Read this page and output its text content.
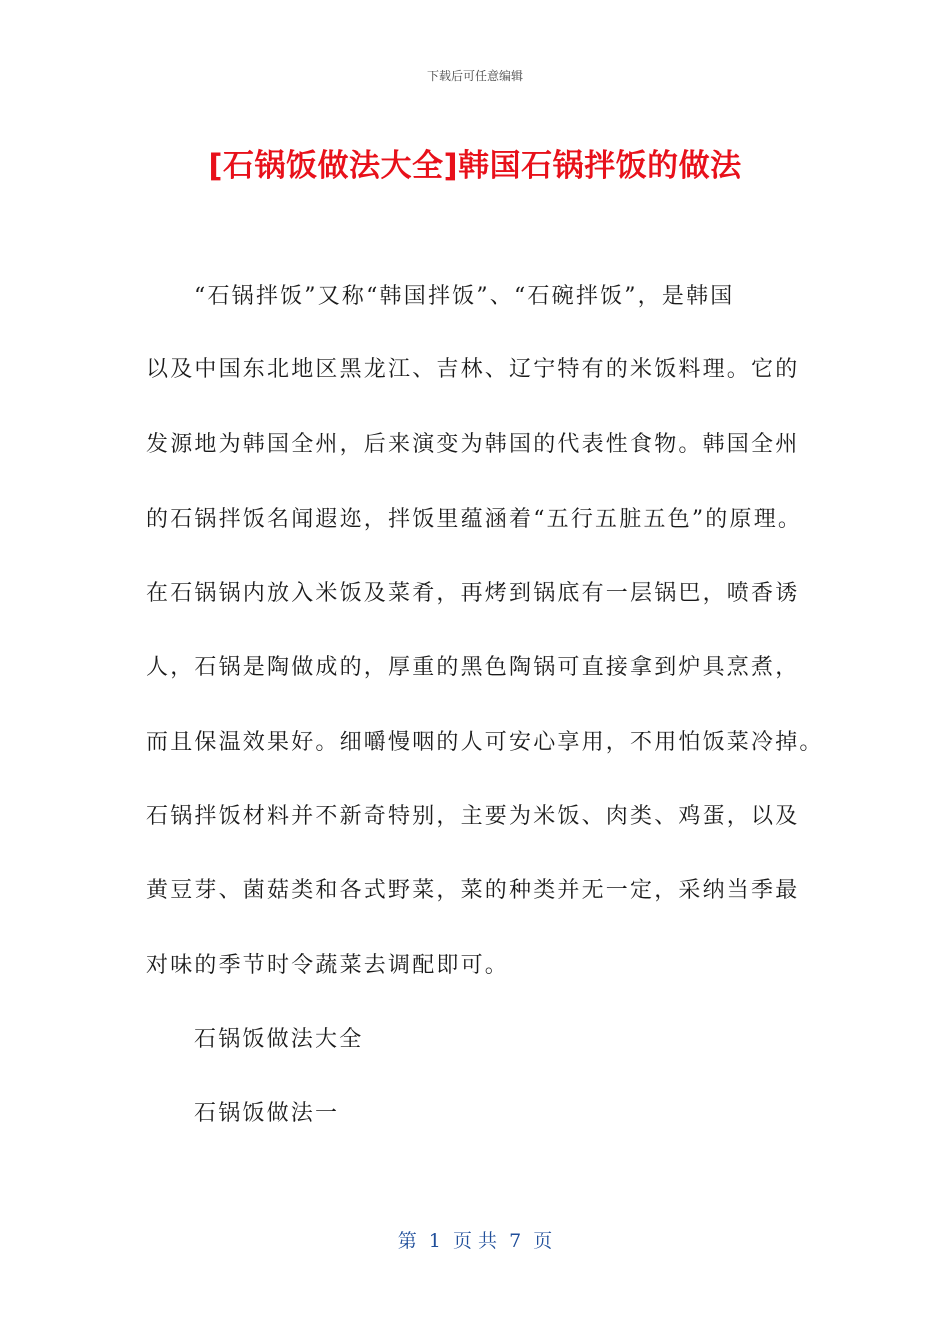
下载后可任意编辑
[石锅饭做法大全]韩国石锅拌饭的做法
“石锅拌饭”又称“韩国拌饭”、“石碗拌饭”，是韩国
以及中国东北地区黑龙江、吉林、辽宁特有的米饭料理。它的
发源地为韩国全州，后来演变为韩国的代表性食物。韩国全州
的石锅拌饭名闻遐迩，拌饭里蕴涵着“五行五脏五色”的原理。
在石锅锅内放入米饭及菜肴，再烤到锅底有一层锅巴，喷香诱
人，石锅是陶做成的，厚重的黑色陶锅可直接拿到炉具烹煮，
而且保温效果好。细嚼慢咽的人可安心享用，不用怕饭菜冷掉。
石锅拌饭材料并不新奇特别，主要为米饭、肉类、鸡蛋，以及
黄豆芽、菌菇类和各式野菜，菜的种类并无一定，采纳当季最
对味的季节时令蔬菜去调配即可。
石锅饭做法大全
石锅饭做法一
第  1  页 共  7  页
